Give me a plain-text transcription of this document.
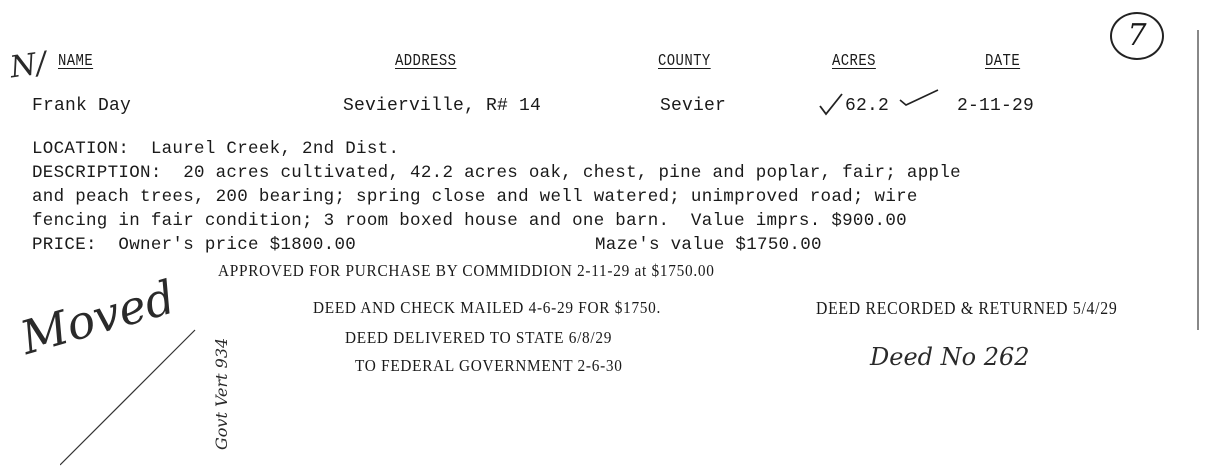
7
N/ NAME	ADDRESS	COUNTY	ACRES	DATE
Frank Day	Sevierville, R# 14	Sevier	62.2	2-11-29
LOCATION:  Laurel Creek, 2nd Dist.
DESCRIPTION:  20 acres cultivated, 42.2 acres oak, chest, pine and poplar, fair; apple
and peach trees, 200 bearing; spring close and well watered; unimproved road; wire
fencing in fair condition; 3 room boxed house and one barn.  Value imprs. $900.00
PRICE:  Owner's price $1800.00	Maze's value $1750.00
APPROVED FOR PURCHASE BY COMMIDDION 2-11-29 at $1750.00
DEED AND CHECK MAILED 4-6-29 FOR $1750.	DEED RECORDED & RETURNED 5/4/29
DEED DELIVERED TO STATE 6/8/29
TO FEDERAL GOVERNMENT 2-6-30
Moved	Deed No 262
Govt Vert 934
